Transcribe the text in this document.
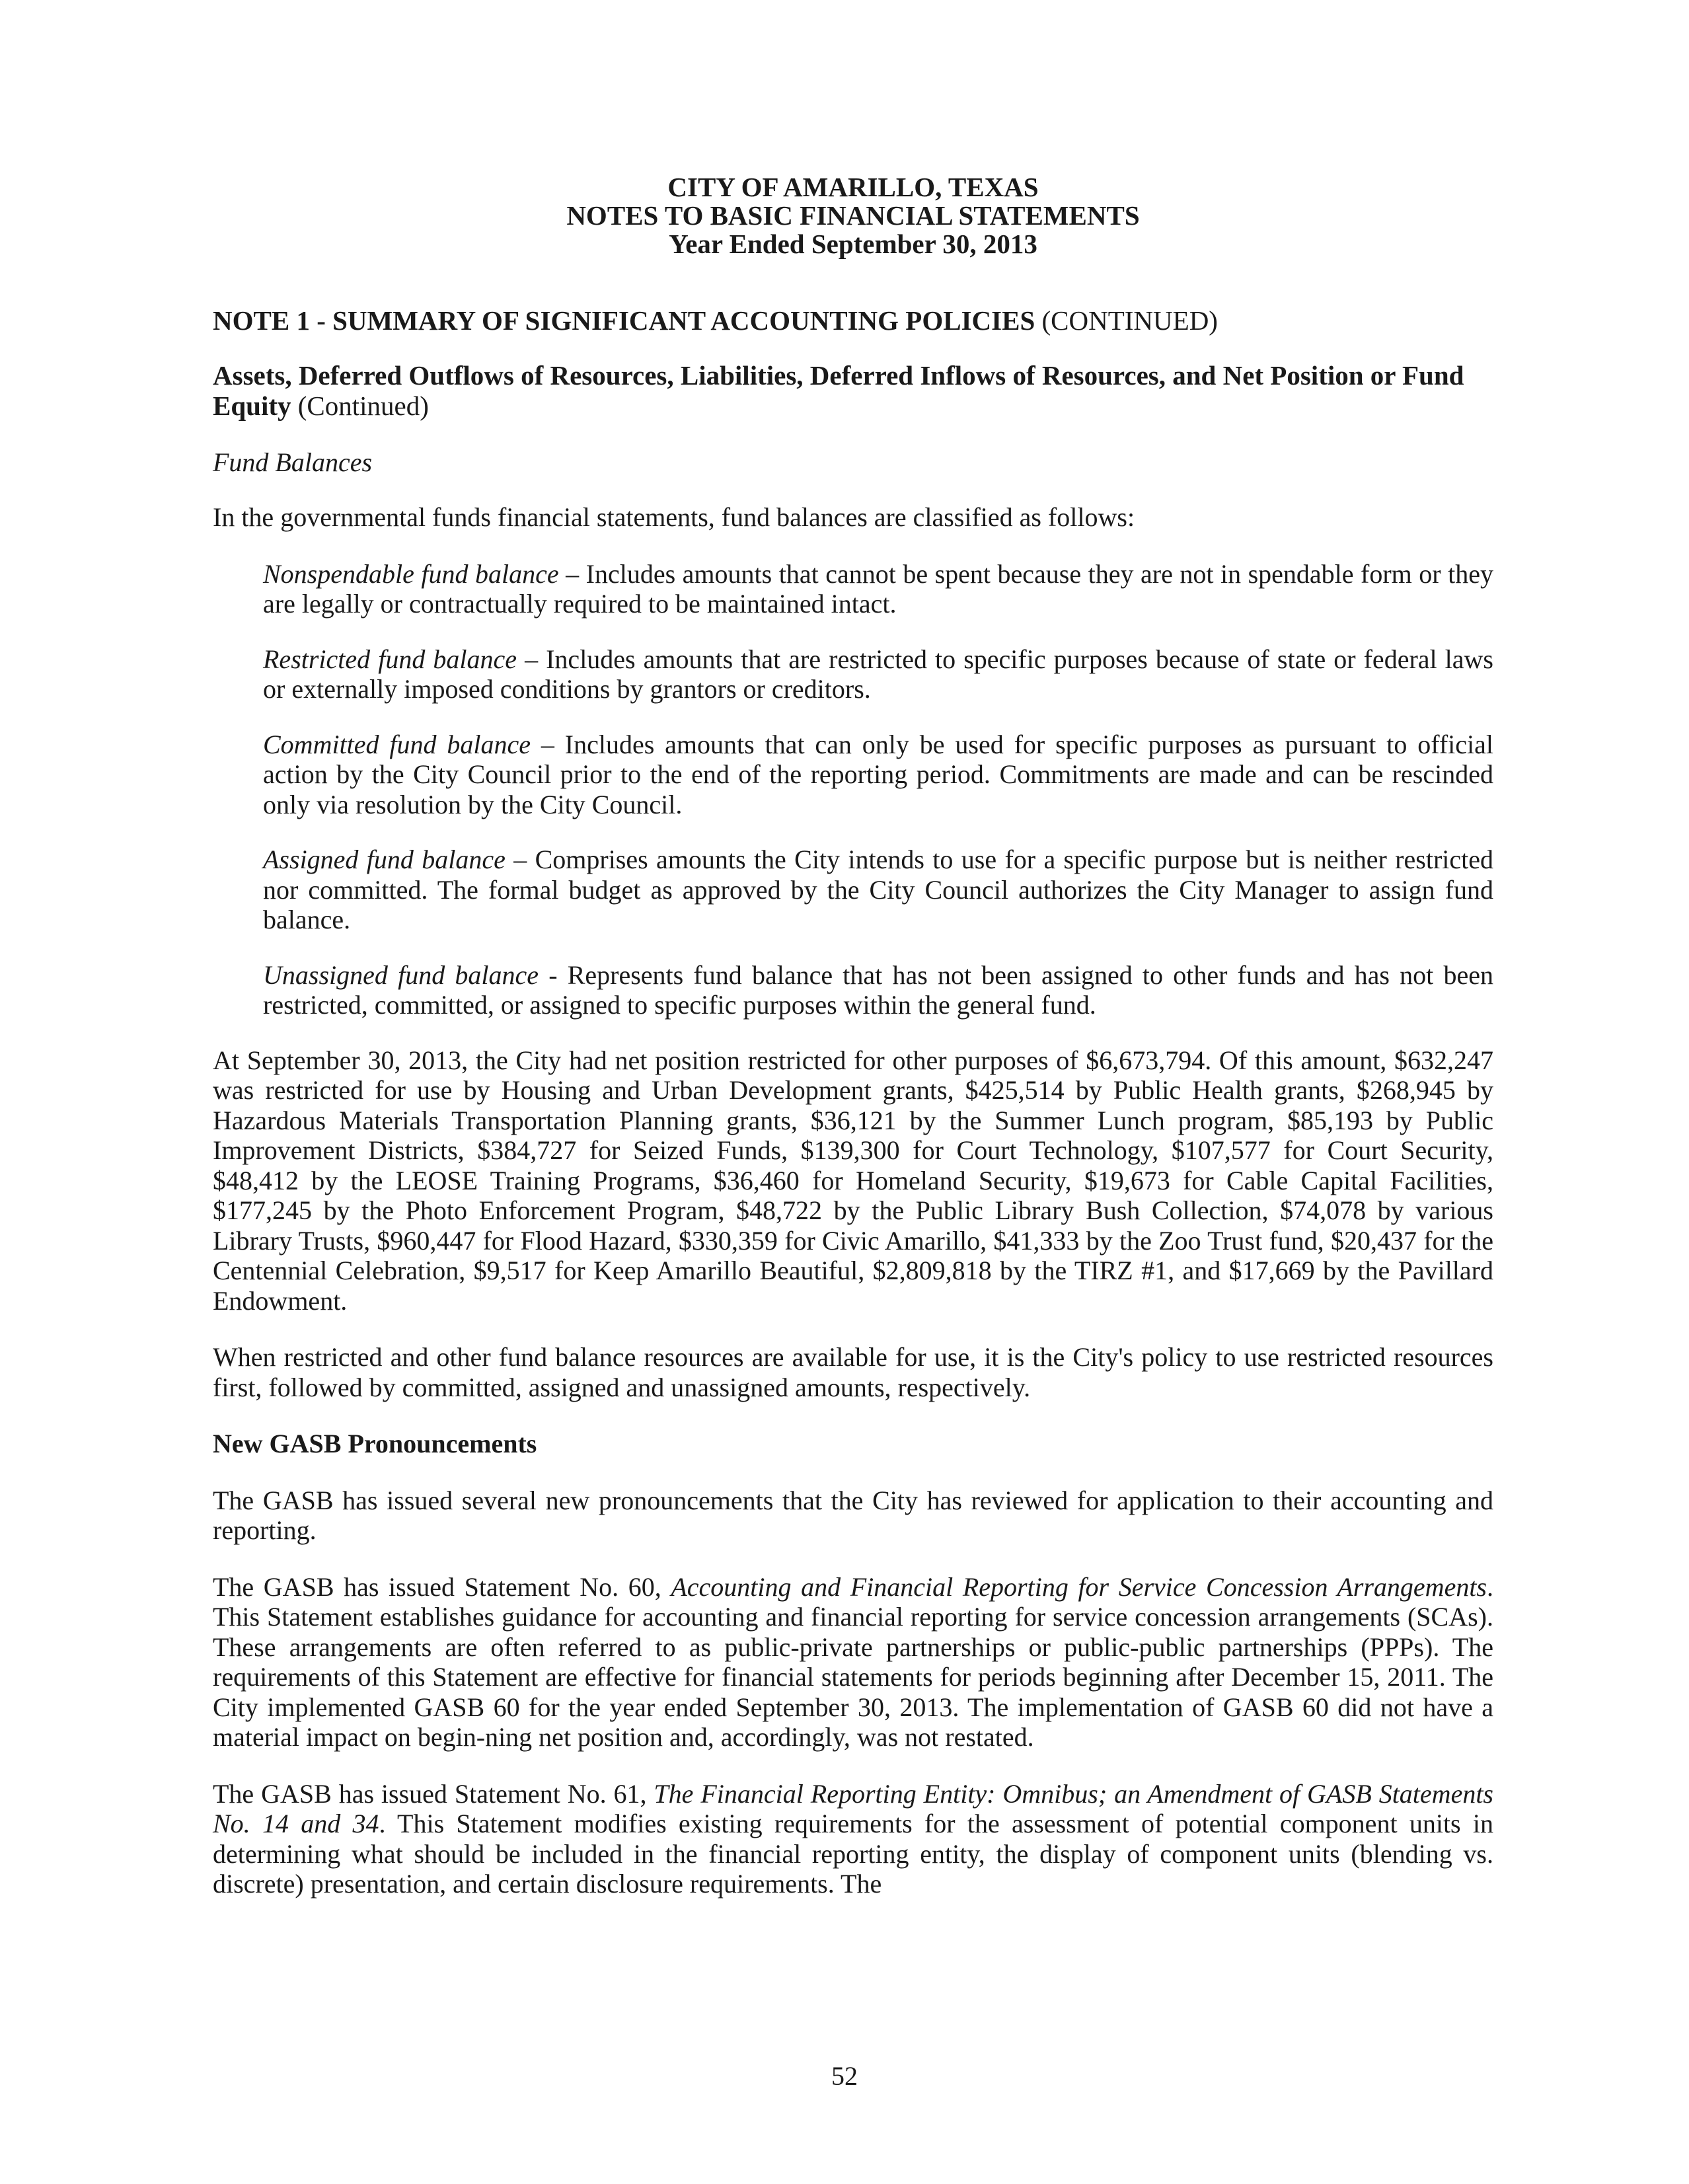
CITY OF AMARILLO, TEXAS
NOTES TO BASIC FINANCIAL STATEMENTS
Year Ended September 30, 2013
NOTE 1 - SUMMARY OF SIGNIFICANT ACCOUNTING POLICIES (CONTINUED)
Assets, Deferred Outflows of Resources, Liabilities, Deferred Inflows of Resources, and Net Position or Fund Equity (Continued)
Fund Balances

In the governmental funds financial statements, fund balances are classified as follows:

Nonspendable fund balance – Includes amounts that cannot be spent because they are not in spendable form or they are legally or contractually required to be maintained intact.
Restricted fund balance – Includes amounts that are restricted to specific purposes because of state or federal laws or externally imposed conditions by grantors or creditors.
Committed fund balance – Includes amounts that can only be used for specific purposes as pursuant to official action by the City Council prior to the end of the reporting period. Commitments are made and can be rescinded only via resolution by the City Council.
Assigned fund balance – Comprises amounts the City intends to use for a specific purpose but is neither restricted nor committed. The formal budget as approved by the City Council authorizes the City Manager to assign fund balance.
Unassigned fund balance - Represents fund balance that has not been assigned to other funds and has not been restricted, committed, or assigned to specific purposes within the general fund.

At September 30, 2013, the City had net position restricted for other purposes of $6,673,794. Of this amount, $632,247 was restricted for use by Housing and Urban Development grants, $425,514 by Public Health grants, $268,945 by Hazardous Materials Transportation Planning grants, $36,121 by the Summer Lunch program, $85,193 by Public Improvement Districts, $384,727 for Seized Funds, $139,300 for Court Technology, $107,577 for Court Security, $48,412 by the LEOSE Training Programs, $36,460 for Homeland Security, $19,673 for Cable Capital Facilities, $177,245 by the Photo Enforcement Program, $48,722 by the Public Library Bush Collection, $74,078 by various Library Trusts, $960,447 for Flood Hazard, $330,359 for Civic Amarillo, $41,333 by the Zoo Trust fund, $20,437 for the Centennial Celebration, $9,517 for Keep Amarillo Beautiful, $2,809,818 by the TIRZ #1, and $17,669 by the Pavillard Endowment.

When restricted and other fund balance resources are available for use, it is the City's policy to use restricted resources first, followed by committed, assigned and unassigned amounts, respectively.

New GASB Pronouncements

The GASB has issued several new pronouncements that the City has reviewed for application to their accounting and reporting.

The GASB has issued Statement No. 60, Accounting and Financial Reporting for Service Concession Arrangements. This Statement establishes guidance for accounting and financial reporting for service concession arrangements (SCAs). These arrangements are often referred to as public-private partnerships or public-public partnerships (PPPs). The requirements of this Statement are effective for financial statements for periods beginning after December 15, 2011. The City implemented GASB 60 for the year ended September 30, 2013. The implementation of GASB 60 did not have a material impact on begin-ning net position and, accordingly, was not restated.

The GASB has issued Statement No. 61, The Financial Reporting Entity: Omnibus; an Amendment of GASB Statements No. 14 and 34. This Statement modifies existing requirements for the assessment of potential component units in determining what should be included in the financial reporting entity, the display of component units (blending vs. discrete) presentation, and certain disclosure requirements. The

52
